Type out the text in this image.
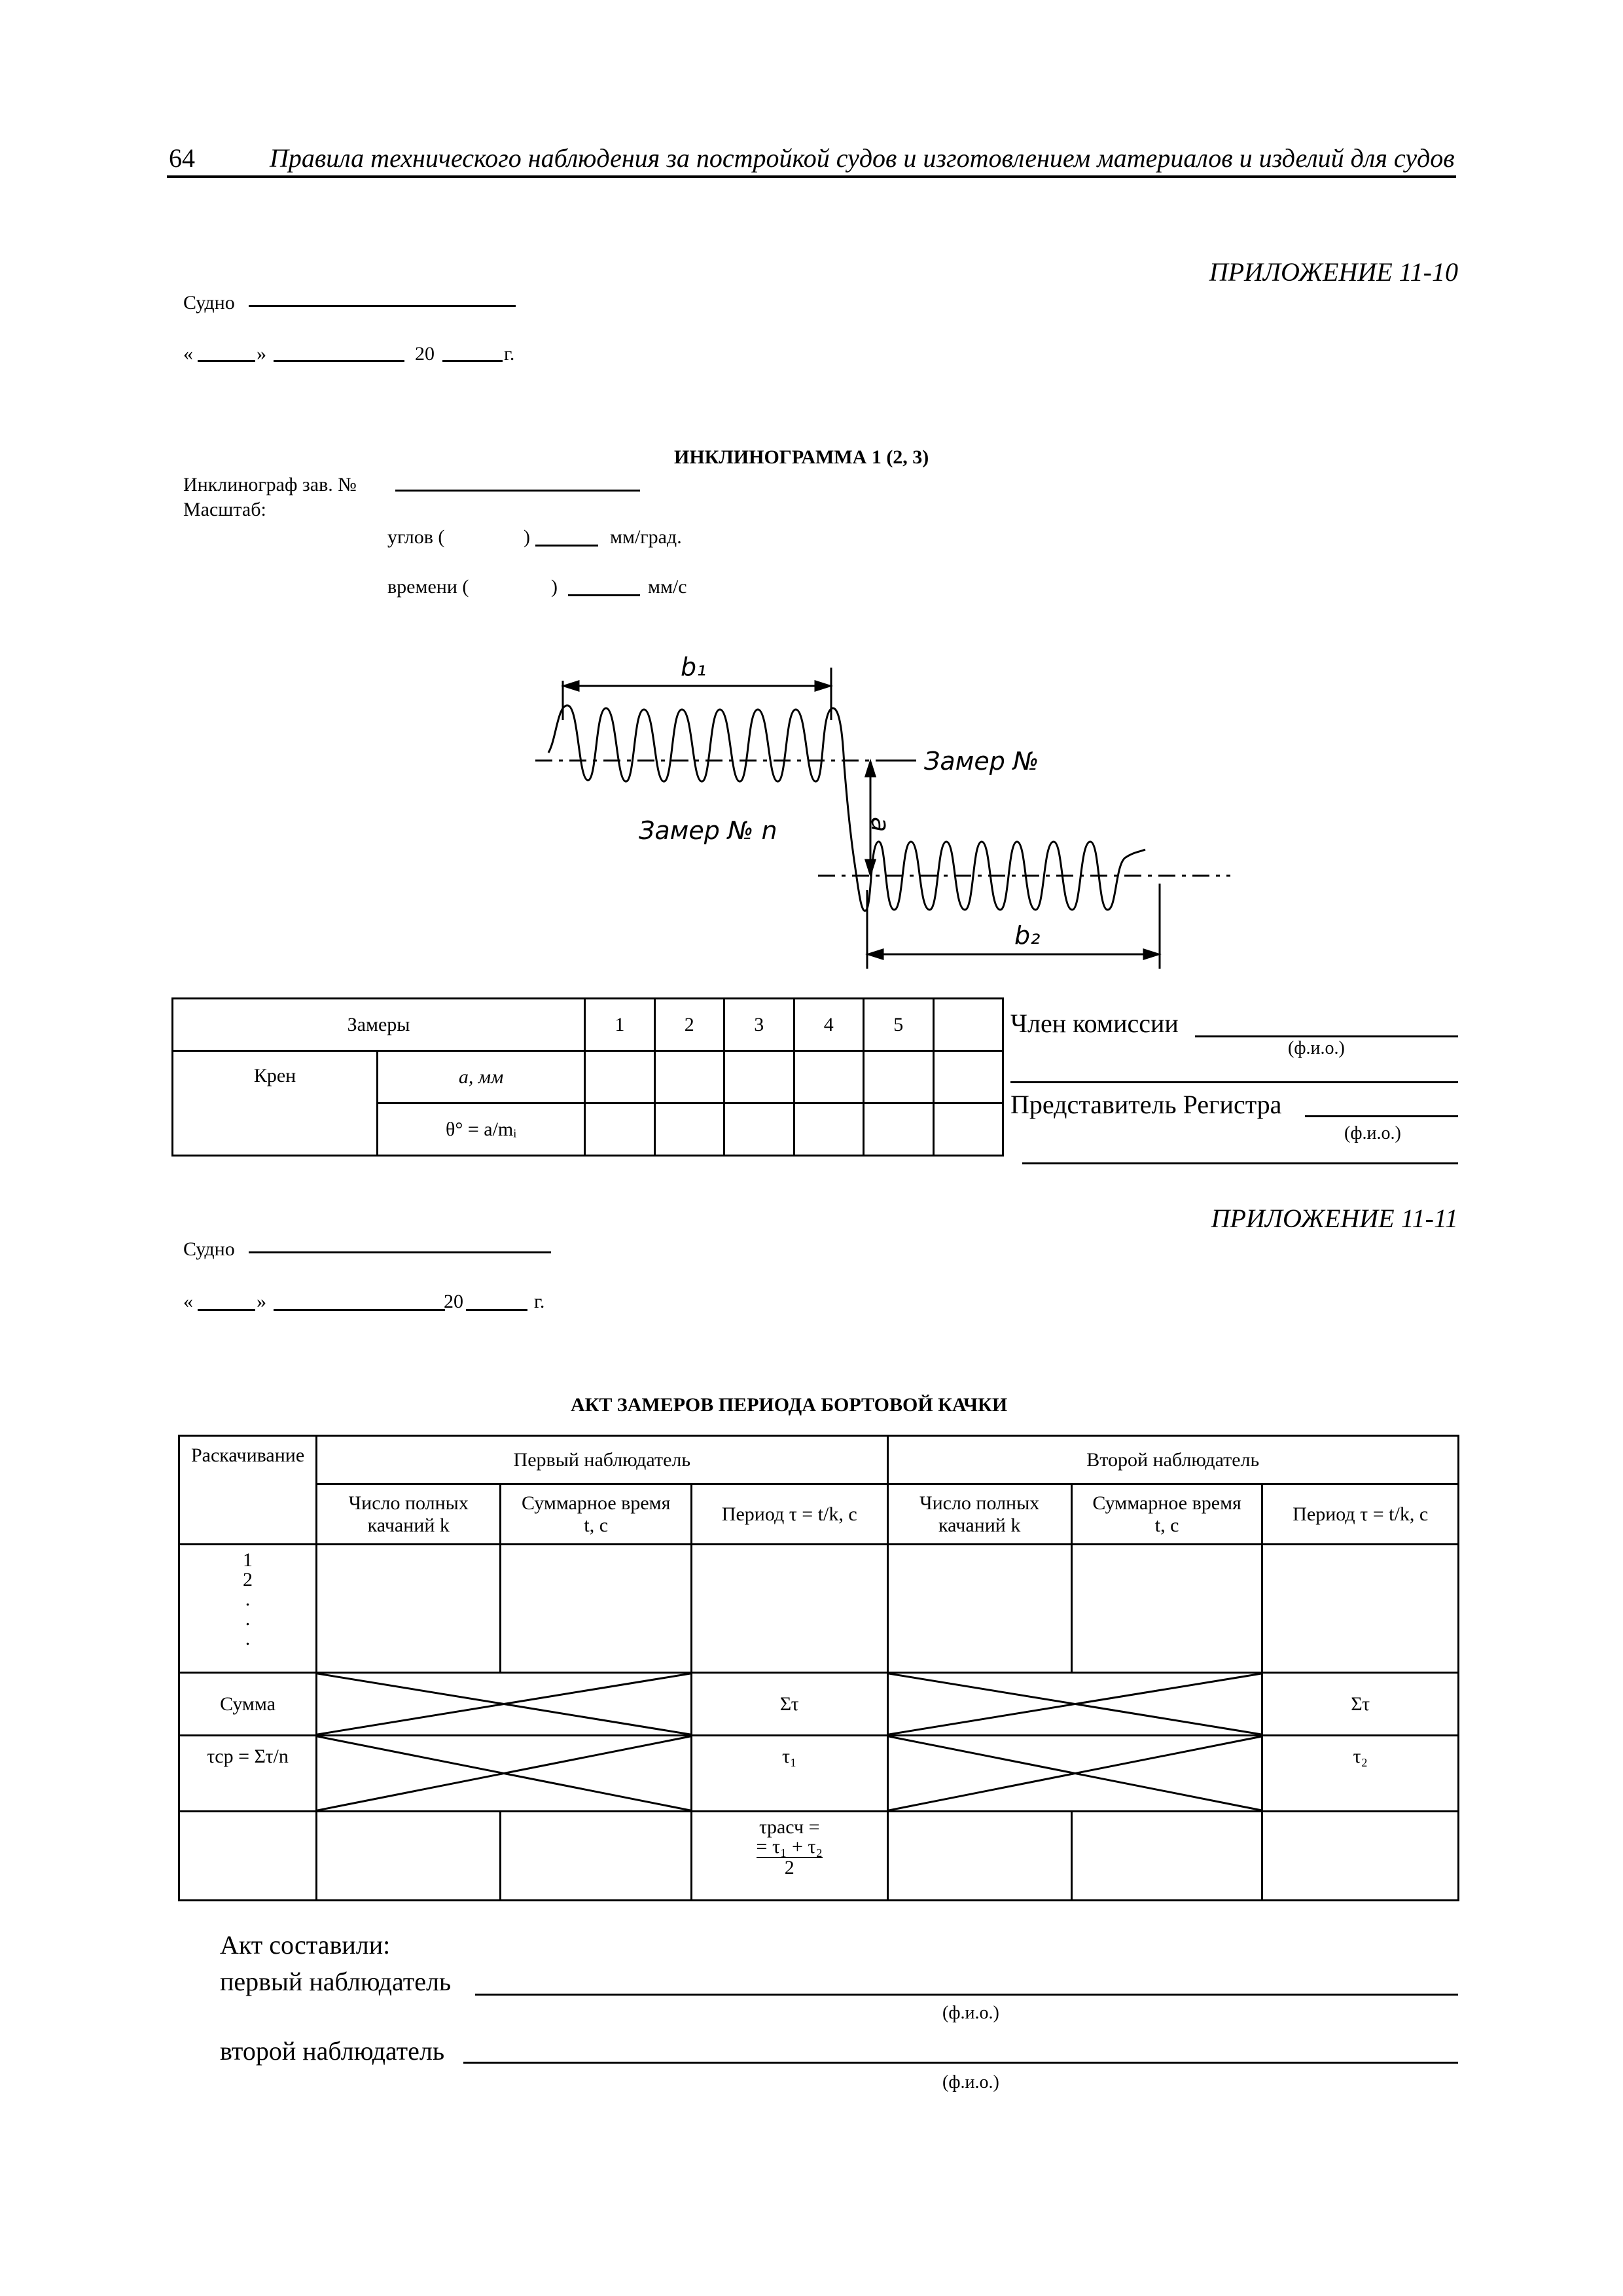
64	Правила технического наблюдения за постройкой судов и изготовлением материалов и изделий для судов
ПРИЛОЖЕНИЕ 11-10
Судно
«	»	20	г.
ИНКЛИНОГРАММА 1 (2, 3)
Инклинограф зав. №
Масштаб:
углов (	)	мм/град.
времени (	)	мм/с
b₁
b₂
a
Замер №
Замер № n
Замеры		1	2	3	4	5	
Крен	a, мм						
	θ° = a/mᵢ						
Член комиссии
(ф.и.о.)
Представитель Регистра
(ф.и.о.)
ПРИЛОЖЕНИЕ 11-11
Судно
«	»	20	г.
АКТ ЗАМЕРОВ ПЕРИОДА БОРТОВОЙ КАЧКИ
Раскачивание	Первый наблюдатель			Второй наблюдатель		
	Число полных качаний k	Суммарное время t, с	Период τ = t/k, с	Число полных качаний k	Суммарное время t, с	Период τ = t/k, с

1
2
.
.
.						

Сумма			Στ			Στ
τср = Στ/n			τ₁			τ₂

			τрасч =
= τ₁ + τ₂
2			

Акт составили:
первый наблюдатель
(ф.и.о.)
второй наблюдатель
(ф.и.о.)
